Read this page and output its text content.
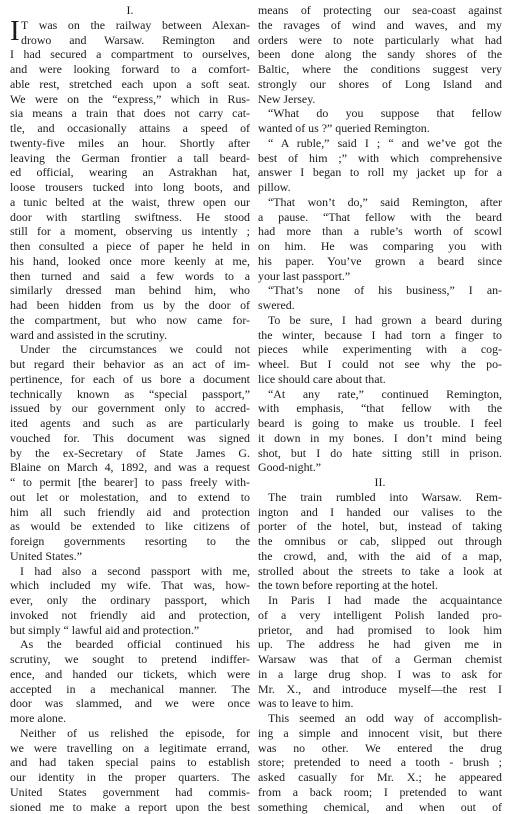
I.
T was on the railway between Alexan-
I drowo and Warsaw. Remington and
I had secured a compartment to ourselves,
and were looking forward to a comfort-
able rest, stretched each upon a soft seat.
We were on the “express,” which in Rus-
sia means a train that does not carry cat-
tle, and occasionally attains a speed of
twenty-five miles an hour. Shortly after
leaving the German frontier a tall beard-
ed official, wearing an Astrakhan hat,
loose trousers tucked into long boots, and
a tunic belted at the waist, threw open our
door with startling swiftness. He stood
still for a moment, observing us intently ;
then consulted a piece of paper he held in
his hand, looked once more keenly at me,
then turned and said a few words to a
similarly dressed man behind him, who
had been hidden from us by the door of
the compartment, but who now came for-
ward and assisted in the scrutiny.
Under the circumstances we could not
but regard their behavior as an act of im-
pertinence, for each of us bore a document
technically known as “special passport,”
issued by our government only to accred-
ited agents and such as are particularly
vouched for. This document was signed
by the ex-Secretary of State James G.
Blaine on March 4, 1892, and was a request
“ to permit [the bearer] to pass freely with-
out let or molestation, and to extend to
him all such friendly aid and protection
as would be extended to like citizens of
foreign governments resorting to the
United States.”
I had also a second passport with me,
which included my wife. That was, how-
ever, only the ordinary passport, which
invoked not friendly aid and protection,
but simply “ lawful aid and protection.”
As the bearded official continued his
scrutiny, we sought to pretend indiffer-
ence, and handed our tickets, which were
accepted in a mechanical manner. The
door was slammed, and we were once
more alone.
Neither of us relished the episode, for
we were travelling on a legitimate errand,
and had taken special pains to establish
our identity in the proper quarters. The
United States government had commis-
sioned me to make a report upon the best
means of protecting our sea-coast against
the ravages of wind and waves, and my
orders were to note particularly what had
been done along the sandy shores of the
Baltic, where the conditions suggest very
strongly our shores of Long Island and
New Jersey.
“What do you suppose that fellow
wanted of us ?” queried Remington.
“ A ruble,” said I ; “ and we’ve got the
best of him ;” with which comprehensive
answer I began to roll my jacket up for a
pillow.
“That won’t do,” said Remington, after
a pause. “That fellow with the beard
had more than a ruble’s worth of scowl
on him. He was comparing you with
his paper. You’ve grown a beard since
your last passport.”
“That’s none of his business,” I an-
swered.
To be sure, I had grown a beard during
the winter, because I had torn a finger to
pieces while experimenting with a cog-
wheel. But I could not see why the po-
lice should care about that.
“At any rate,” continued Remington,
with emphasis, “that fellow with the
beard is going to make us trouble. I feel
it down in my bones. I don’t mind being
shot, but I do hate sitting still in prison.
Good-night.”
II.
The train rumbled into Warsaw. Rem-
ington and I handed our valises to the
porter of the hotel, but, instead of taking
the omnibus or cab, slipped out through
the crowd, and, with the aid of a map,
strolled about the streets to take a look at
the town before reporting at the hotel.
In Paris I had made the acquaintance
of a very intelligent Polish landed pro-
prietor, and had promised to look him
up. The address he had given me in
Warsaw was that of a German chemist
in a large drug shop. I was to ask for
Mr. X., and introduce myself—the rest I
was to leave to him.
This seemed an odd way of accomplish-
ing a simple and innocent visit, but there
was no other. We entered the drug
store; pretended to need a tooth - brush ;
asked casually for Mr. X.; he appeared
from a back room; I pretended to want
something chemical, and when out of
